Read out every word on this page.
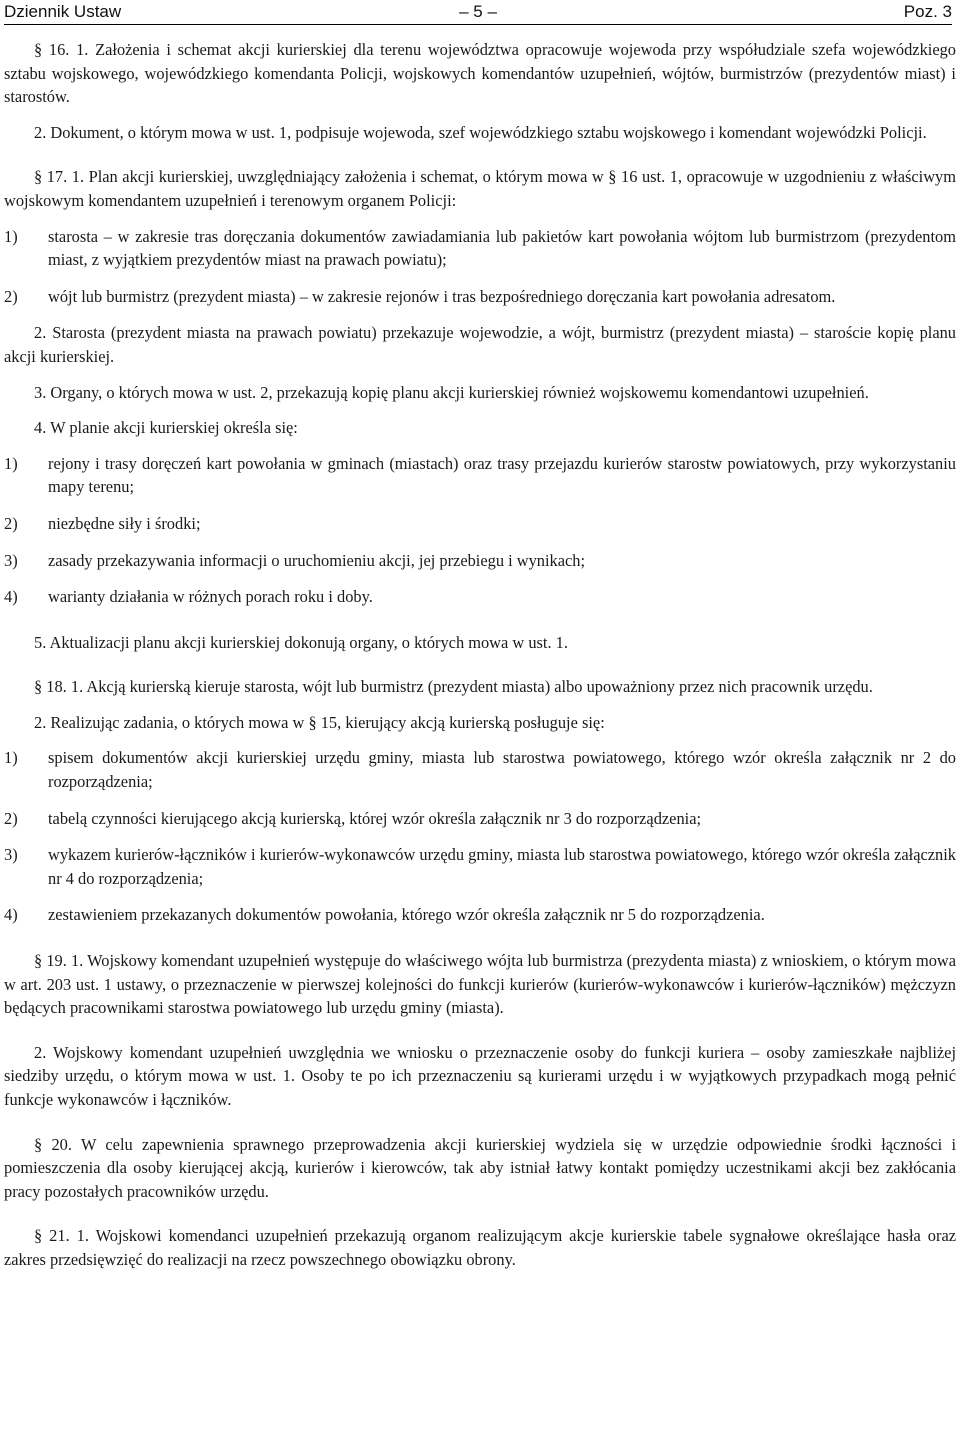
Dziennik Ustaw	– 5 –	Poz. 3
§ 16. 1. Założenia i schemat akcji kurierskiej dla terenu województwa opracowuje wojewoda przy współudziale szefa wojewódzkiego sztabu wojskowego, wojewódzkiego komendanta Policji, wojskowych komendantów uzupełnień, wójtów, burmistrzów (prezydentów miast) i starostów.
2. Dokument, o którym mowa w ust. 1, podpisuje wojewoda, szef wojewódzkiego sztabu wojskowego i komendant wojewódzki Policji.
§ 17. 1. Plan akcji kurierskiej, uwzględniający założenia i schemat, o którym mowa w § 16 ust. 1, opracowuje w uzgodnieniu z właściwym wojskowym komendantem uzupełnień i terenowym organem Policji:
1) starosta – w zakresie tras doręczania dokumentów zawiadamiania lub pakietów kart powołania wójtom lub burmistrzom (prezydentom miast, z wyjątkiem prezydentów miast na prawach powiatu);
2) wójt lub burmistrz (prezydent miasta) – w zakresie rejonów i tras bezpośredniego doręczania kart powołania adresatom.
2. Starosta (prezydent miasta na prawach powiatu) przekazuje wojewodzie, a wójt, burmistrz (prezydent miasta) – staroście kopię planu akcji kurierskiej.
3. Organy, o których mowa w ust. 2, przekazują kopię planu akcji kurierskiej również wojskowemu komendantowi uzupełnień.
4. W planie akcji kurierskiej określa się:
1) rejony i trasy doręczeń kart powołania w gminach (miastach) oraz trasy przejazdu kurierów starostw powiatowych, przy wykorzystaniu mapy terenu;
2) niezbędne siły i środki;
3) zasady przekazywania informacji o uruchomieniu akcji, jej przebiegu i wynikach;
4) warianty działania w różnych porach roku i doby.
5. Aktualizacji planu akcji kurierskiej dokonują organy, o których mowa w ust. 1.
§ 18. 1. Akcją kurierską kieruje starosta, wójt lub burmistrz (prezydent miasta) albo upoważniony przez nich pracownik urzędu.
2. Realizując zadania, o których mowa w § 15, kierujący akcją kurierską posługuje się:
1) spisem dokumentów akcji kurierskiej urzędu gminy, miasta lub starostwa powiatowego, którego wzór określa załącznik nr 2 do rozporządzenia;
2) tabelą czynności kierującego akcją kurierską, której wzór określa załącznik nr 3 do rozporządzenia;
3) wykazem kurierów-łączników i kurierów-wykonawców urzędu gminy, miasta lub starostwa powiatowego, którego wzór określa załącznik nr 4 do rozporządzenia;
4) zestawieniem przekazanych dokumentów powołania, którego wzór określa załącznik nr 5 do rozporządzenia.
§ 19. 1. Wojskowy komendant uzupełnień występuje do właściwego wójta lub burmistrza (prezydenta miasta) z wnioskiem, o którym mowa w art. 203 ust. 1 ustawy, o przeznaczenie w pierwszej kolejności do funkcji kurierów (kurierów-wykonawców i kurierów-łączników) mężczyzn będących pracownikami starostwa powiatowego lub urzędu gminy (miasta).
2. Wojskowy komendant uzupełnień uwzględnia we wniosku o przeznaczenie osoby do funkcji kuriera – osoby zamieszkałe najbliżej siedziby urzędu, o którym mowa w ust. 1. Osoby te po ich przeznaczeniu są kurierami urzędu i w wyjątkowych przypadkach mogą pełnić funkcje wykonawców i łączników.
§ 20. W celu zapewnienia sprawnego przeprowadzenia akcji kurierskiej wydziela się w urzędzie odpowiednie środki łączności i pomieszczenia dla osoby kierującej akcją, kurierów i kierowców, tak aby istniał łatwy kontakt pomiędzy uczestnikami akcji bez zakłócania pracy pozostałych pracowników urzędu.
§ 21. 1. Wojskowi komendanci uzupełnień przekazują organom realizującym akcje kurierskie tabele sygnałowe określające hasła oraz zakres przedsięwzięć do realizacji na rzecz powszechnego obowiązku obrony.
